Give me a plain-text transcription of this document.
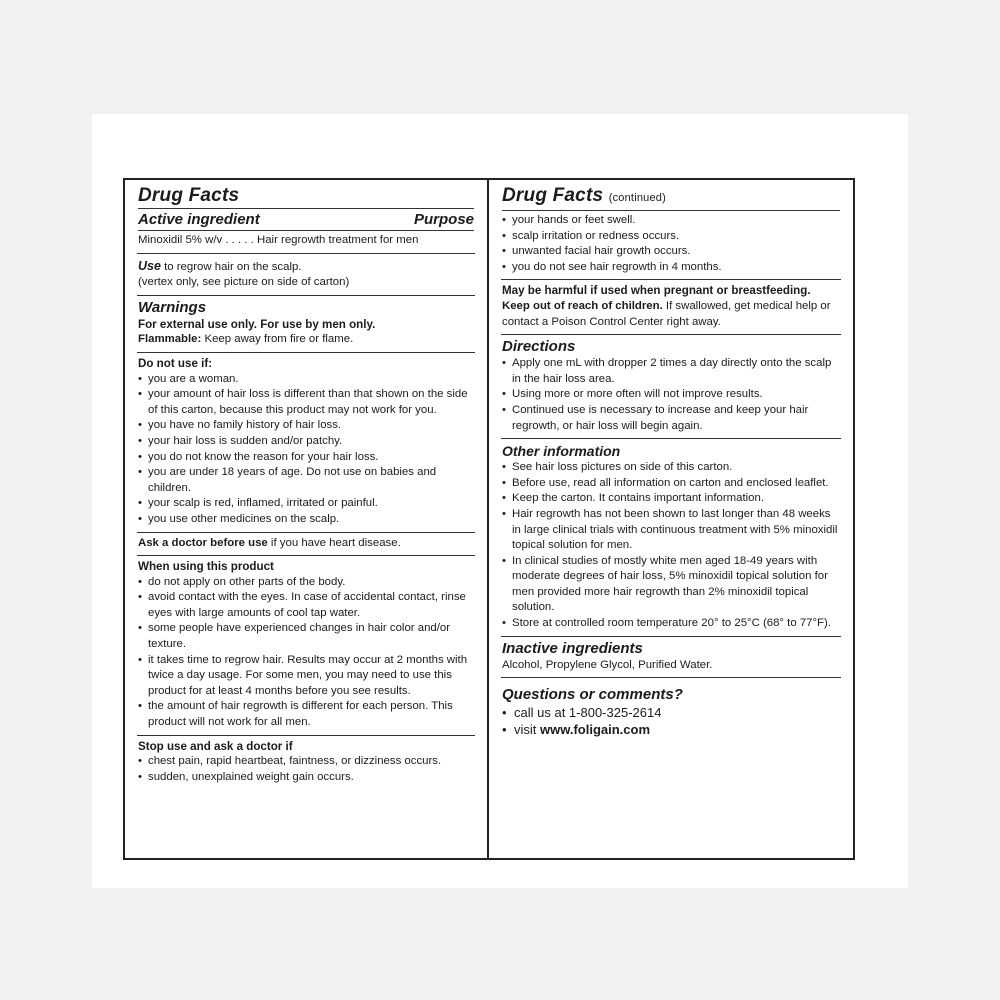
Drug Facts
Active ingredient	Purpose
Minoxidil 5% w/v . . . . . Hair regrowth treatment for men
Use to regrow hair on the scalp.
(vertex only, see picture on side of carton)
Warnings
For external use only. For use by men only.
Flammable: Keep away from fire or flame.
Do not use if:
• you are a woman.
• your amount of hair loss is different than that shown on the side of this carton, because this product may not work for you.
• you have no family history of hair loss.
• your hair loss is sudden and/or patchy.
• you do not know the reason for your hair loss.
• you are under 18 years of age. Do not use on babies and children.
• your scalp is red, inflamed, irritated or painful.
• you use other medicines on the scalp.
Ask a doctor before use if you have heart disease.
When using this product
• do not apply on other parts of the body.
• avoid contact with the eyes. In case of accidental contact, rinse eyes with large amounts of cool tap water.
• some people have experienced changes in hair color and/or texture.
• it takes time to regrow hair. Results may occur at 2 months with twice a day usage. For some men, you may need to use this product for at least 4 months before you see results.
• the amount of hair regrowth is different for each person. This product will not work for all men.
Stop use and ask a doctor if
• chest pain, rapid heartbeat, faintness, or dizziness occurs.
• sudden, unexplained weight gain occurs.
Drug Facts (continued)
• your hands or feet swell.
• scalp irritation or redness occurs.
• unwanted facial hair growth occurs.
• you do not see hair regrowth in 4 months.
May be harmful if used when pregnant or breastfeeding.
Keep out of reach of children. If swallowed, get medical help or contact a Poison Control Center right away.
Directions
• Apply one mL with dropper 2 times a day directly onto the scalp in the hair loss area.
• Using more or more often will not improve results.
• Continued use is necessary to increase and keep your hair regrowth, or hair loss will begin again.
Other information
• See hair loss pictures on side of this carton.
• Before use, read all information on carton and enclosed leaflet.
• Keep the carton. It contains important information.
• Hair regrowth has not been shown to last longer than 48 weeks in large clinical trials with continuous treatment with 5% minoxidil topical solution for men.
• In clinical studies of mostly white men aged 18-49 years with moderate degrees of hair loss, 5% minoxidil topical solution for men provided more hair regrowth than 2% minoxidil topical solution.
• Store at controlled room temperature 20° to 25°C (68° to 77°F).
Inactive ingredients
Alcohol, Propylene Glycol, Purified Water.
Questions or comments?
• call us at 1-800-325-2614
• visit www.foligain.com
